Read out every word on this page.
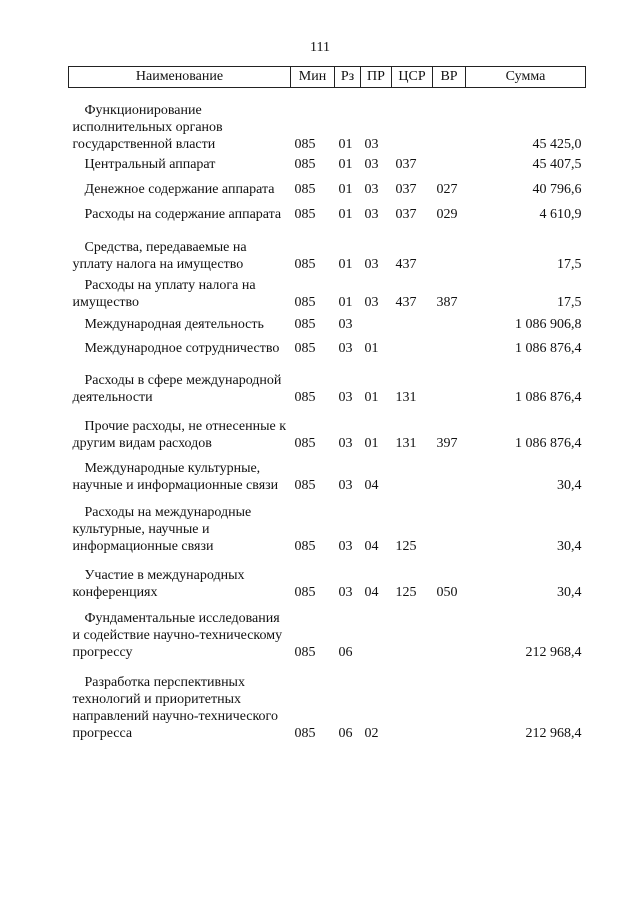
111
Наименование	Мин	Рз	ПР	ЦСР	ВР	Сумма

Функционирование исполнительных органов государственной власти	085	01	03			45 425,0

Центральный аппарат	085	01	03	037		45 407,5

Денежное содержание аппарата	085	01	03	037	027	40 796,6

Расходы на содержание аппарата	085	01	03	037	029	4 610,9

Средства, передаваемые на уплату налога на имущество	085	01	03	437		17,5

Расходы на уплату налога на имущество	085	01	03	437	387	17,5

Международная деятельность	085	03				1 086 906,8

Международное сотрудничество	085	03	01			1 086 876,4

Расходы в сфере международной деятельности	085	03	01	131		1 086 876,4

Прочие расходы, не отнесенные к другим видам расходов	085	03	01	131	397	1 086 876,4

Международные культурные, научные и информационные связи	085	03	04			30,4

Расходы на международные культурные, научные и информационные связи	085	03	04	125		30,4

Участие в международных конференциях	085	03	04	125	050	30,4

Фундаментальные исследования и содействие научно-техническому прогрессу	085	06				212 968,4

Разработка перспективных технологий и приоритетных направлений научно-технического прогресса	085	06	02			212 968,4
